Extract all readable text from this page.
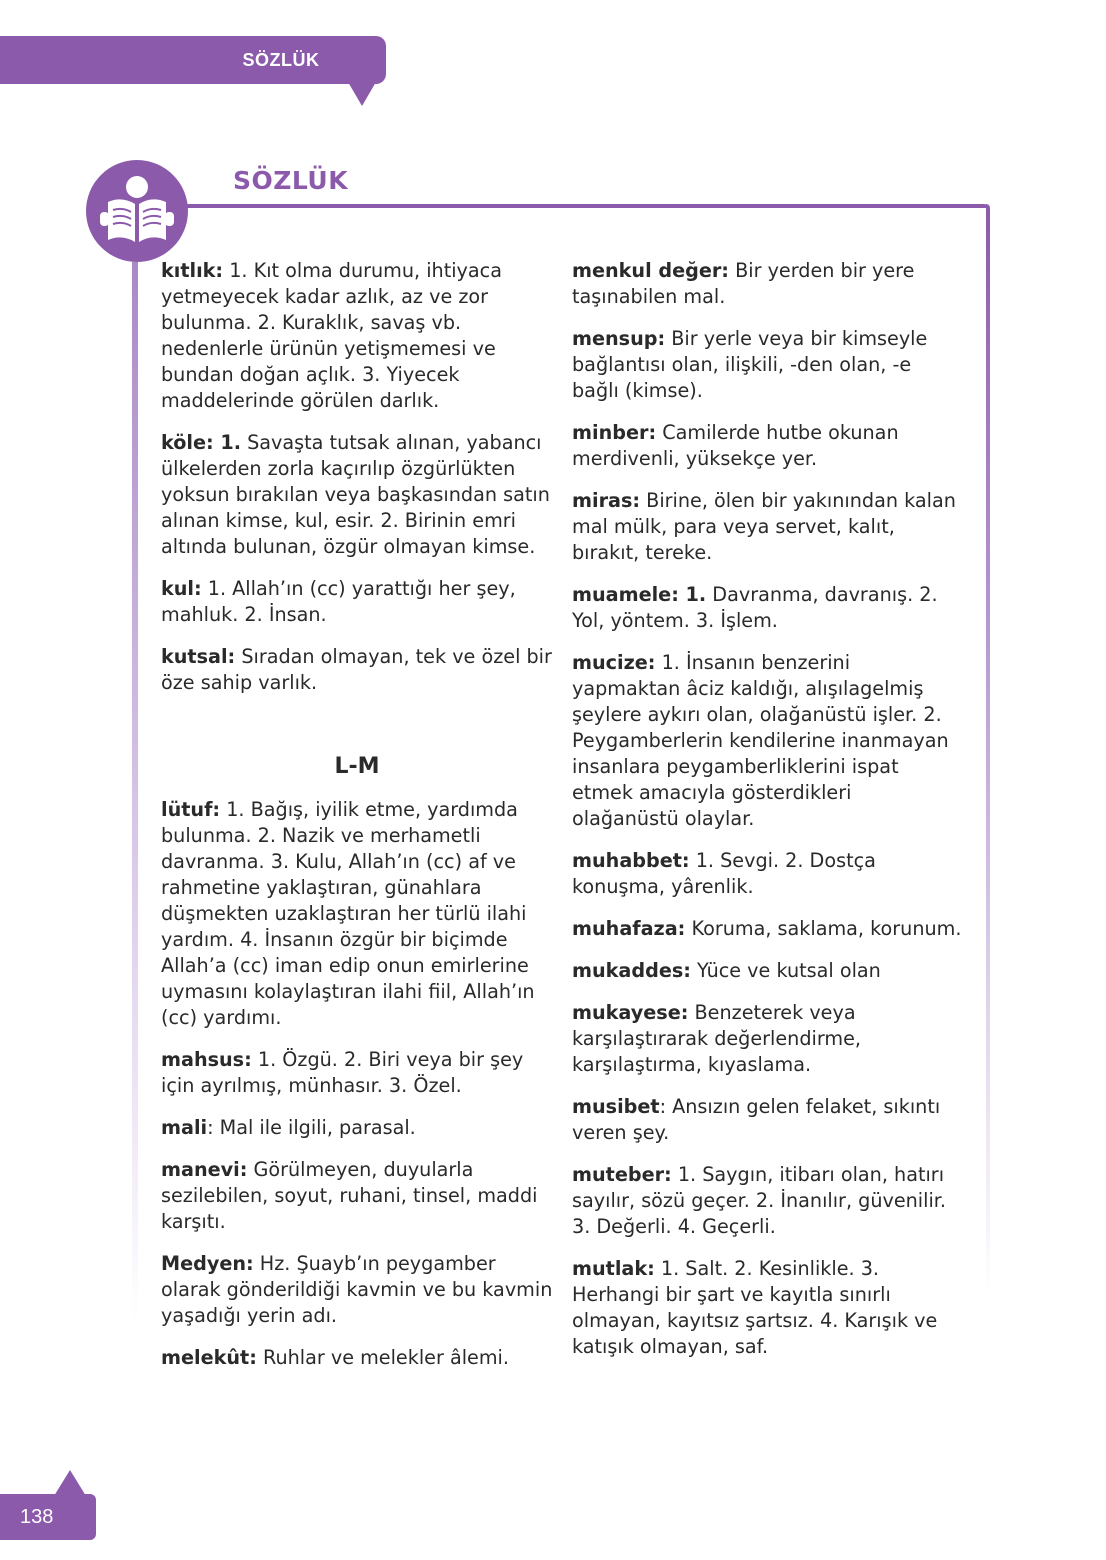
SÖZLÜK
SÖZLÜK

kıtlık: 1. Kıt olma durumu, ihtiyaca yetmeyecek kadar azlık, az ve zor bulunma. 2. Kuraklık, savaş vb. nedenlerle ürünün yetişmemesi ve bundan doğan açlık. 3. Yiyecek maddelerinde görülen darlık.

köle: 1. Savaşta tutsak alınan, yabancı ülkelerden zorla kaçırılıp özgürlükten yoksun bırakılan veya başkasından satın alınan kimse, kul, esir. 2. Birinin emri altında bulunan, özgür olmayan kimse.

kul: 1. Allah’ın (cc) yarattığı her şey, mahluk. 2. İnsan.

kutsal: Sıradan olmayan, tek ve özel bir öze sahip varlık.

L-M

lütuf: 1. Bağış, iyilik etme, yardımda bulunma. 2. Nazik ve merhametli davranma. 3. Kulu, Allah’ın (cc) af ve rahmetine yaklaştıran, günahlara düşmekten uzaklaştıran her türlü ilahi yardım. 4. İnsanın özgür bir biçimde Allah’a (cc) iman edip onun emirlerine uymasını kolaylaştıran ilahi fiil, Allah’ın (cc) yardımı.

mahsus: 1. Özgü. 2. Biri veya bir şey için ayrılmış, münhasır. 3. Özel.

mali: Mal ile ilgili, parasal.

manevi: Görülmeyen, duyularla sezilebilen, soyut, ruhani, tinsel, maddi karşıtı.

Medyen: Hz. Şuayb’ın peygamber olarak gönderildiği kavmin ve bu kavmin yaşadığı yerin adı.

melekût: Ruhlar ve melekler âlemi.

menkul değer: Bir yerden bir yere taşınabilen mal.

mensup: Bir yerle veya bir kimseyle bağlantısı olan, ilişkili, -den olan, -e bağlı (kimse).

minber: Camilerde hutbe okunan merdivenli, yüksekçe yer.

miras: Birine, ölen bir yakınından kalan mal mülk, para veya servet, kalıt, bırakıt, tereke.

muamele: 1. Davranma, davranış. 2. Yol, yöntem. 3. İşlem.

mucize: 1. İnsanın benzerini yapmaktan âciz kaldığı, alışılagelmiş şeylere aykırı olan, olağanüstü işler. 2. Peygamberlerin kendilerine inanmayan insanlara peygamberliklerini ispat etmek amacıyla gösterdikleri olağanüstü olaylar.

muhabbet: 1. Sevgi. 2. Dostça konuşma, yârenlik.

muhafaza: Koruma, saklama, korunum.

mukaddes: Yüce ve kutsal olan

mukayese: Benzeterek veya karşılaştırarak değerlendirme, karşılaştırma, kıyaslama.

musibet: Ansızın gelen felaket, sıkıntı veren şey.

muteber: 1. Saygın, itibarı olan, hatırı sayılır, sözü geçer. 2. İnanılır, güvenilir. 3. Değerli. 4. Geçerli.

mutlak: 1. Salt. 2. Kesinlikle. 3. Herhangi bir şart ve kayıtla sınırlı olmayan, kayıtsız şartsız. 4. Karışık ve katışık olmayan, saf.

138
